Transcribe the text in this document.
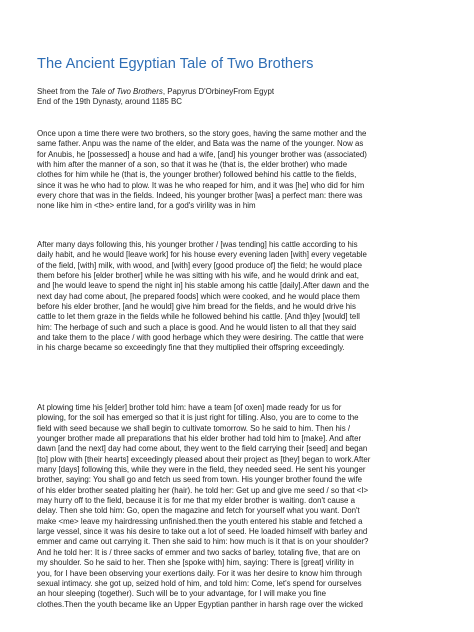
The Ancient Egyptian Tale of Two Brothers
Sheet from the Tale of Two Brothers, Papyrus D'OrbineyFrom Egypt
End of the 19th Dynasty, around 1185 BC
Once upon a time there were two brothers, so the story goes, having the same mother and the
same father. Anpu was the name of the elder, and Bata was the name of the younger. Now as
for Anubis, he [possessed] a house and had a wife, [and] his younger brother was (associated)
with him after the manner of a son, so that it was he (that is, the elder brother) who made
clothes for him while he (that is, the younger brother) followed behind his cattle to the fields,
since it was he who had to plow. It was he who reaped for him, and it was [he] who did for him
every chore that was in the fields. Indeed, his younger brother [was] a perfect man: there was
none like him in <the> entire land, for a god's virility was in him
After many days following this, his younger brother / [was tending] his cattle according to his
daily habit, and he would [leave work] for his house every evening laden [with] every vegetable
of the field, [with] milk, with wood, and [with] every [good produce of] the field; he would place
them before his [elder brother] while he was sitting with his wife, and he would drink and eat,
and [he would leave to spend the night in] his stable among his cattle [daily].After dawn and the
next day had come about, [he prepared foods] which were cooked, and he would place them
before his elder brother, [and he would] give him bread for the fields, and he would drive his
cattle to let them graze in the fields while he followed behind his cattle. [And th]ey [would] tell
him: The herbage of such and such a place is good. And he would listen to all that they said
and take them to the place / with good herbage which they were desiring. The cattle that were
in his charge became so exceedingly fine that they multiplied their offspring exceedingly.
At plowing time his [elder] brother told him: have a team [of oxen] made ready for us for
plowing, for the soil has emerged so that it is just right for tilling. Also, you are to come to the
field with seed because we shall begin to cultivate tomorrow. So he said to him. Then his /
younger brother made all preparations that his elder brother had told him to [make]. And after
dawn [and the next] day had come about, they went to the field carrying their [seed] and began
[to] plow with [their hearts] exceedingly pleased about their project as [they] began to work.After
many [days] following this, while they were in the field, they needed seed. He sent his younger
brother, saying: You shall go and fetch us seed from town. His younger brother found the wife
of his elder brother seated plaiting her (hair). he told her: Get up and give me seed / so that <I>
may hurry off to the field, because it is for me that my elder brother is waiting. don't cause a
delay. Then she told him: Go, open the magazine and fetch for yourself what you want. Don't
make <me> leave my hairdressing unfinished.then the youth entered his stable and fetched a
large vessel, since it was his desire to take out a lot of seed. He loaded himself with barley and
emmer and came out carrying it. Then she said to him: how much is it that is on your shoulder?
And he told her: It is / three sacks of emmer and two sacks of barley, totaling five, that are on
my shoulder. So he said to her. Then she [spoke with] him, saying: There is [great] virility in
you, for I have been observing your exertions daily. For it was her desire to know him through
sexual intimacy. she got up, seized hold of him, and told him: Come, let's spend for ourselves
an hour sleeping (together). Such will be to your advantage, for I will make you fine
clothes.Then the youth became like an Upper Egyptian panther in harsh rage over the wicked
